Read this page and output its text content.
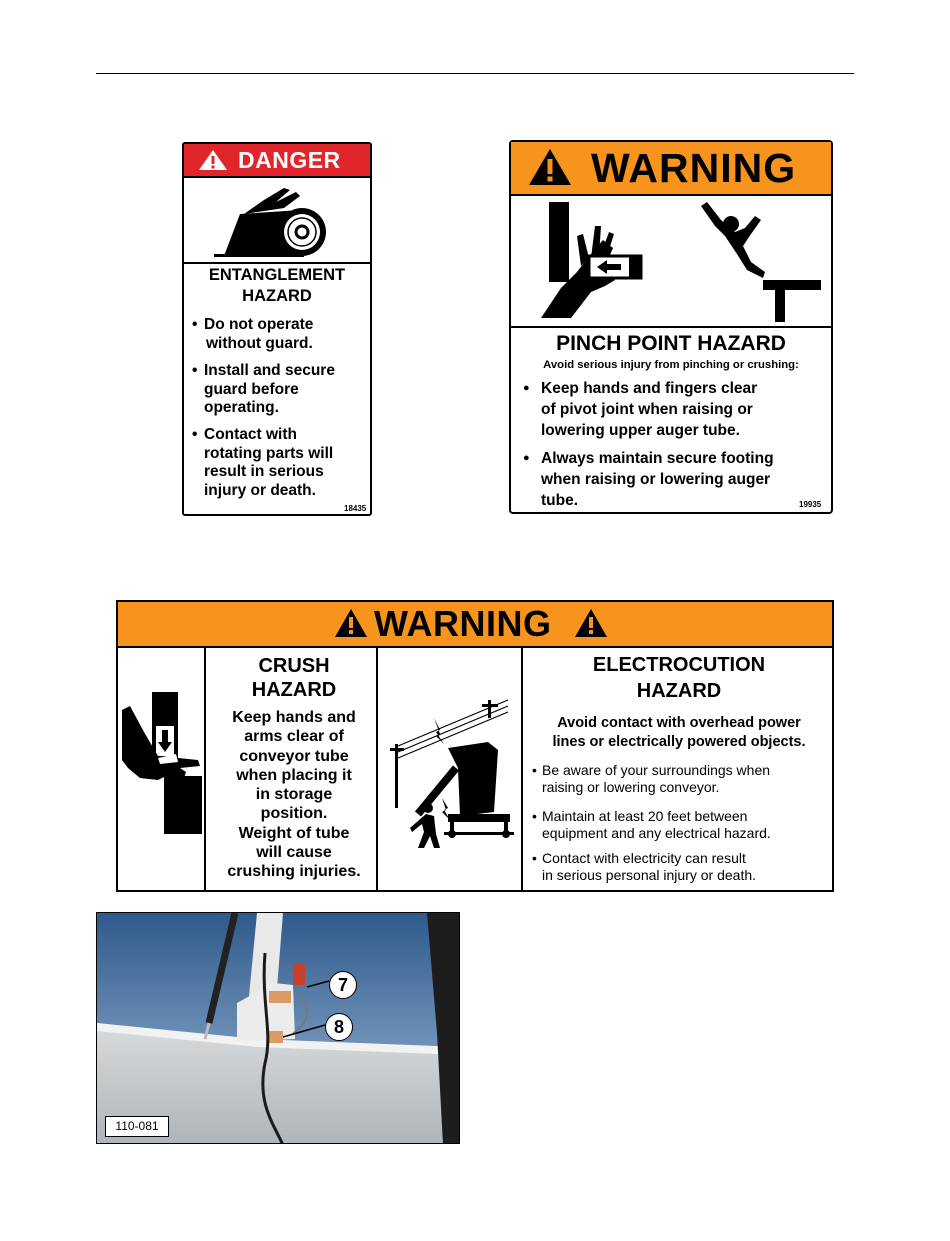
DANGER
ENTANGLEMENT
HAZARD
• Do not operate
without guard.
• Install and secure
guard before
operating.
• Contact with
rotating parts will
result in serious
injury or death.
18435
WARNING
PINCH POINT HAZARD
Avoid serious injury from pinching or crushing:
● Keep hands and fingers clear
of pivot joint when raising or
lowering upper auger tube.
● Always maintain secure footing
when raising or lowering auger
tube.	19935
WARNING
CRUSH
HAZARD
Keep hands and
arms clear of
conveyor tube
when placing it
in storage
position.
Weight of tube
will cause
crushing injuries.
ELECTROCUTION
HAZARD
Avoid contact with overhead power
lines or electrically powered objects.
• Be aware of your surroundings when
raising or lowering conveyor.
• Maintain at least 20 feet between
equipment and any electrical hazard.
• Contact with electricity can result
in serious personal injury or death.
7
8
110-081
